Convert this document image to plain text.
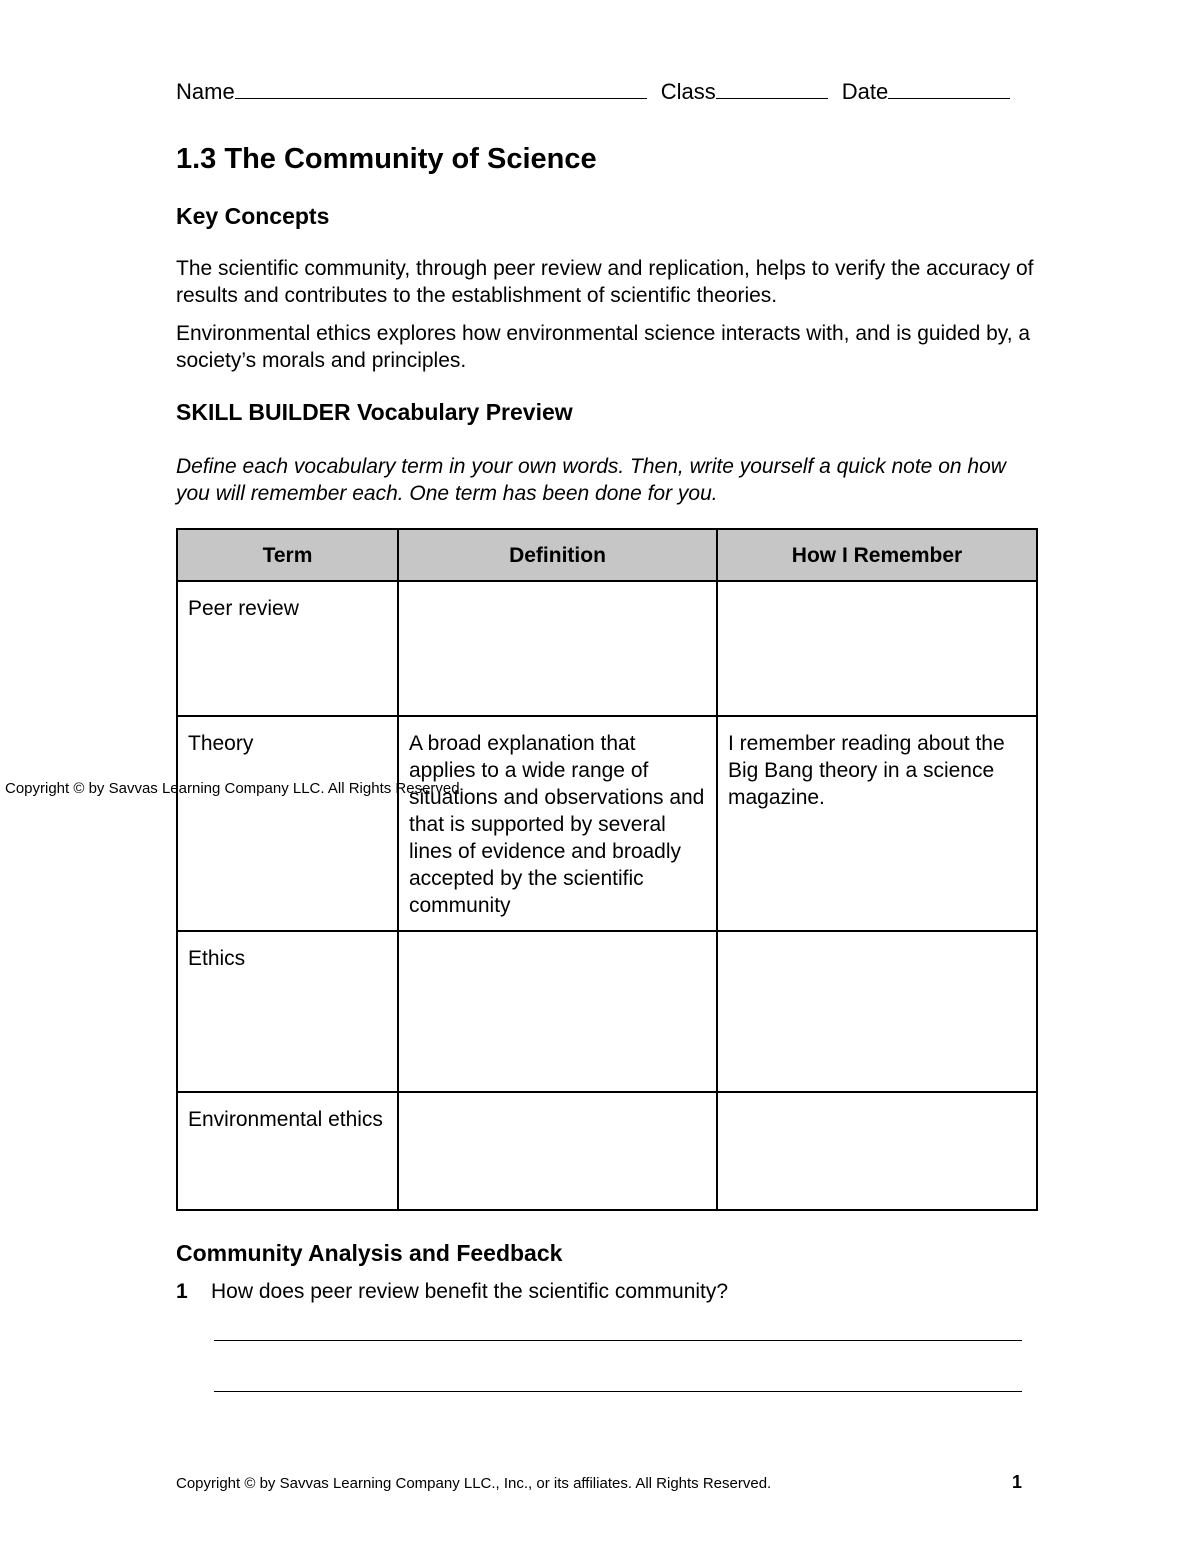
Name	Class	Date
1.3 The Community of Science
Key Concepts
The scientific community, through peer review and replication, helps to verify the accuracy of results and contributes to the establishment of scientific theories.
Environmental ethics explores how environmental science interacts with, and is guided by, a society’s morals and principles.
SKILL BUILDER Vocabulary Preview
Define each vocabulary term in your own words. Then, write yourself a quick note on how you will remember each. One term has been done for you.
Term	Definition	How I Remember
Peer review		
Theory	A broad explanation that applies to a wide range of situations and observations and that is supported by several lines of evidence and broadly accepted by the scientific community	I remember reading about the Big Bang theory in a science magazine.
Ethics		
Environmental ethics		
Copyright © by Savvas Learning Company LLC. All Rights Reserved.
Community Analysis and Feedback
1 How does peer review benefit the scientific community?
Copyright © by Savvas Learning Company LLC., Inc., or its affiliates. All Rights Reserved.	1
